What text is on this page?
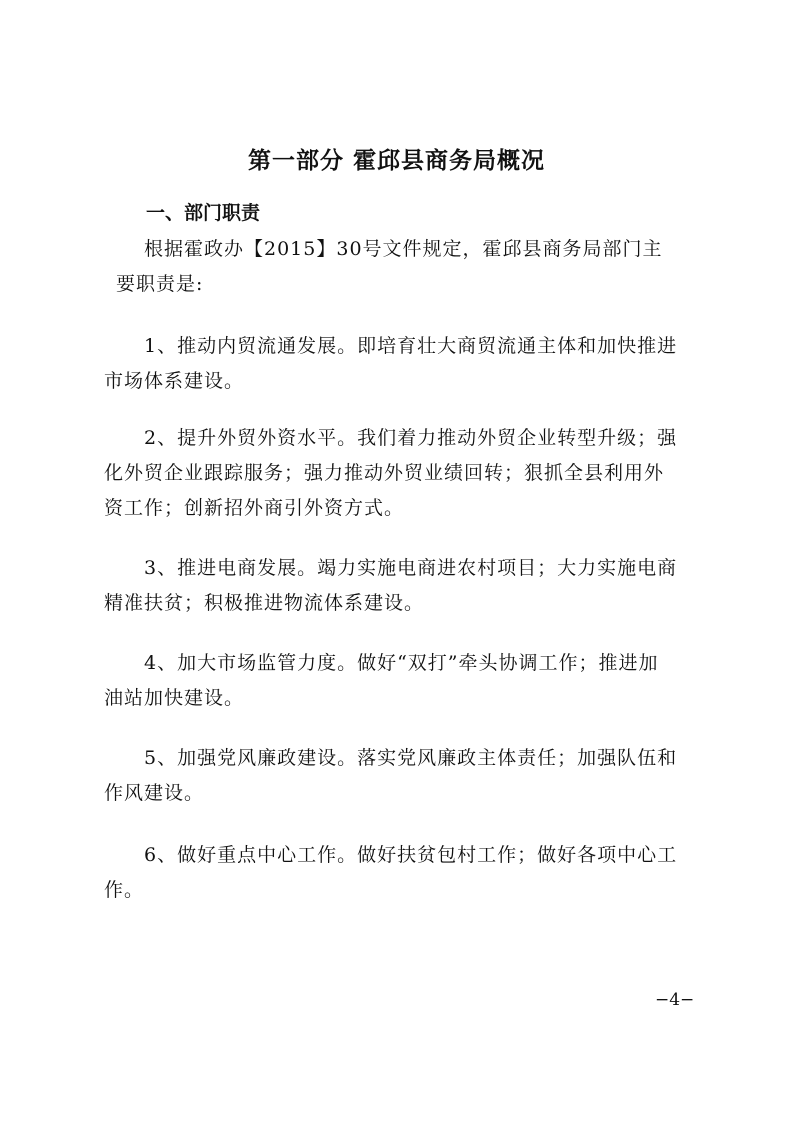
第一部分 霍邱县商务局概况
一、部门职责
根据霍政办【2015】30号文件规定，霍邱县商务局部门主
要职责是:
1、推动内贸流通发展。即培育壮大商贸流通主体和加快推进
市场体系建设。
2、提升外贸外资水平。我们着力推动外贸企业转型升级；强
化外贸企业跟踪服务；强力推动外贸业绩回转；狠抓全县利用外
资工作；创新招外商引外资方式。
3、推进电商发展。竭力实施电商进农村项目；大力实施电商
精准扶贫；积极推进物流体系建设。
4、加大市场监管力度。做好“双打”牵头协调工作；推进加
油站加快建设。
5、加强党风廉政建设。落实党风廉政主体责任；加强队伍和
作风建设。
6、做好重点中心工作。做好扶贫包村工作；做好各项中心工
作。
−4−
